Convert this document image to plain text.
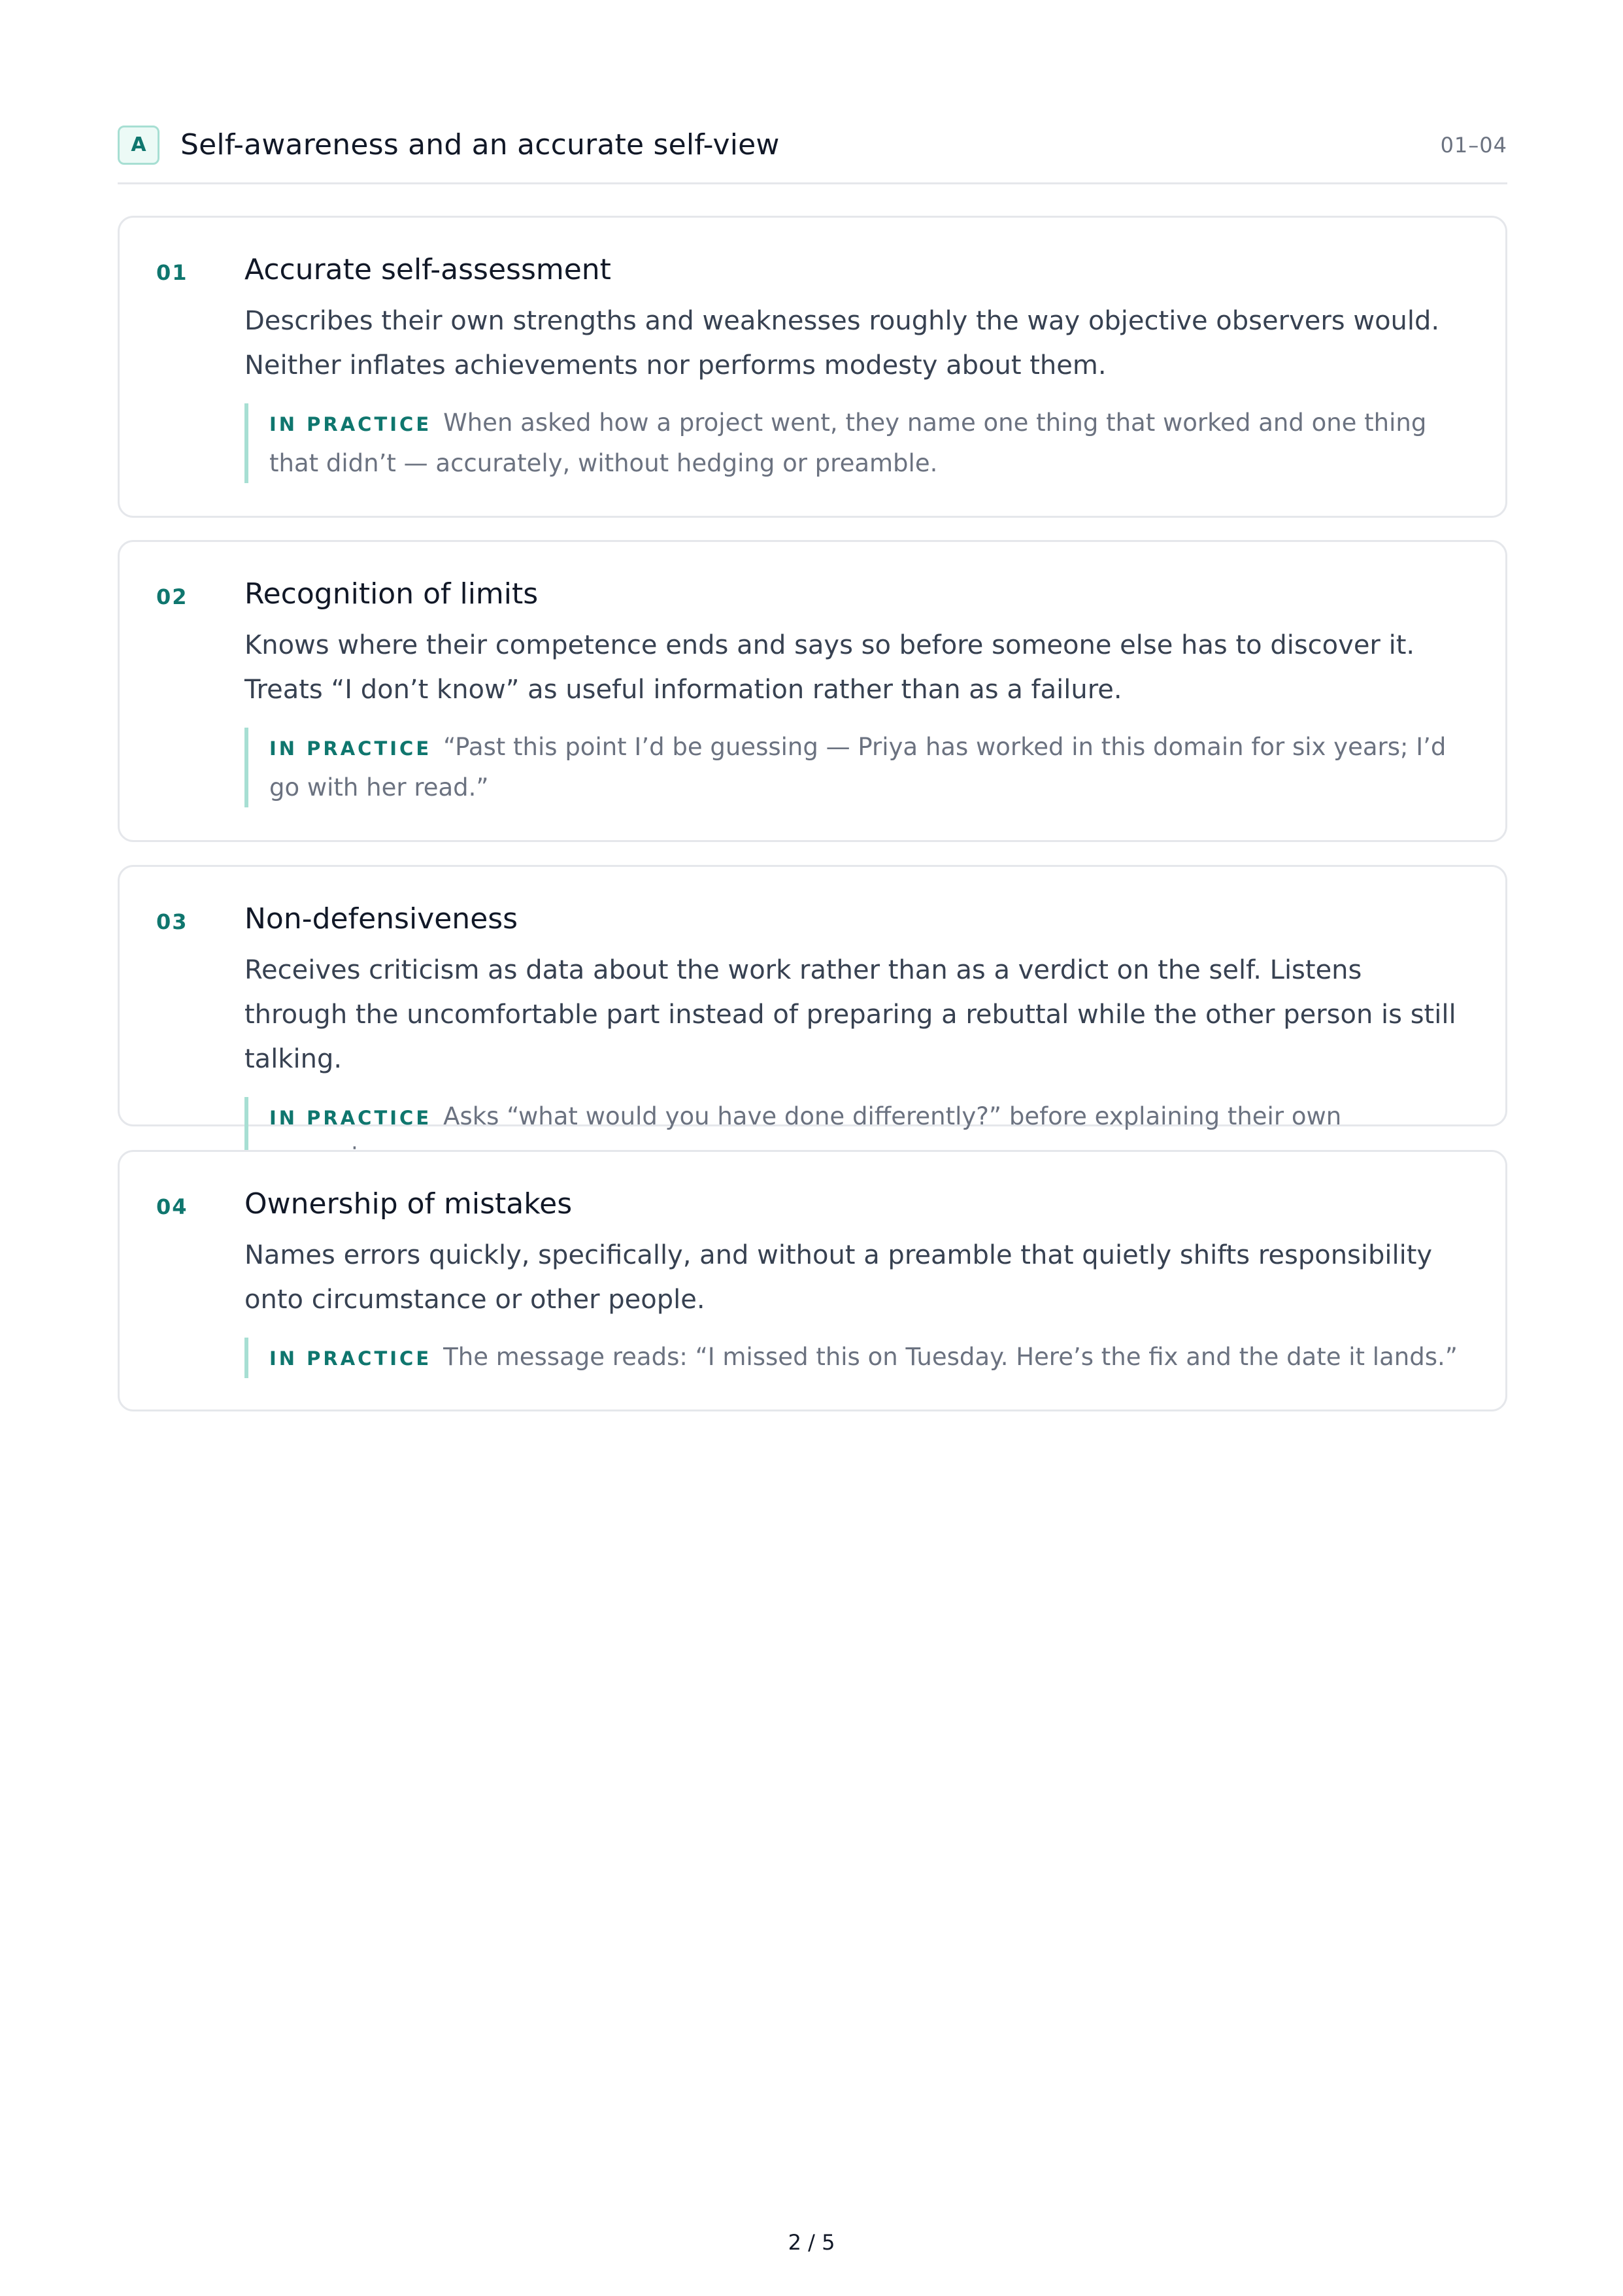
A	Self-awareness and an accurate self-view	01–04
01 Accurate self-assessment

Describes their own strengths and weaknesses roughly the way objective observers would. Neither inflates achievements nor performs modesty about them.

IN PRACTICE When asked how a project went, they name one thing that worked and one thing that didn’t — accurately, without hedging or preamble.
02 Recognition of limits

Knows where their competence ends and says so before someone else has to discover it. Treats “I don’t know” as useful information rather than as a failure.

IN PRACTICE “Past this point I’d be guessing — Priya has worked in this domain for six years; I’d go with her read.”
03 Non-defensiveness

Receives criticism as data about the work rather than as a verdict on the self. Listens through the uncomfortable part instead of preparing a rebuttal while the other person is still talking.

IN PRACTICE Asks “what would you have done differently?” before explaining their own
04 Ownership of mistakes

Names errors quickly, specifically, and without a preamble that quietly shifts responsibility onto circumstance or other people.

IN PRACTICE The message reads: “I missed this on Tuesday. Here’s the fix and the date it lands.”
2 / 5
